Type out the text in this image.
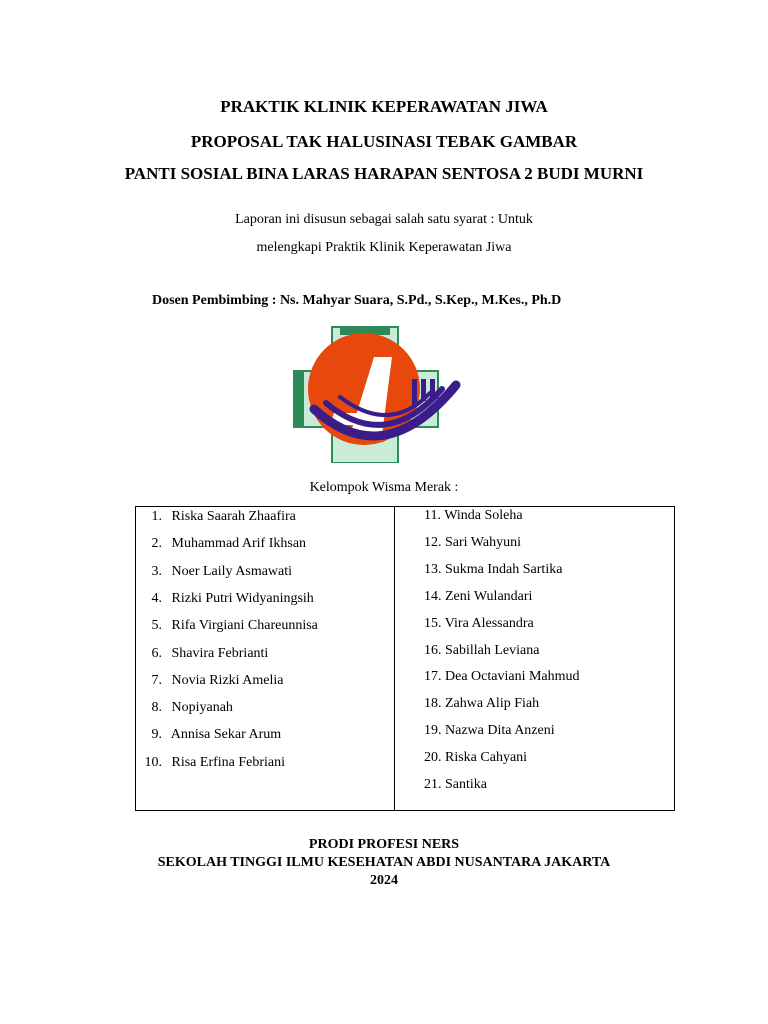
PRAKTIK KLINIK KEPERAWATAN JIWA
PROPOSAL TAK HALUSINASI TEBAK GAMBAR
PANTI SOSIAL BINA LARAS HARAPAN SENTOSA 2 BUDI MURNI
Laporan ini disusun sebagai salah satu syarat : Untuk
melengkapi Praktik Klinik Keperawatan Jiwa
Dosen Pembimbing : Ns. Mahyar Suara, S.Pd., S.Kep., M.Kes., Ph.D
Kelompok Wisma Merak :
1. Riska Saarah Zhaafira
2. Muhammad Arif Ikhsan
3. Noer Laily Asmawati
4. Rizki Putri Widyaningsih
5. Rifa Virgiani Chareunnisa
6. Shavira Febrianti
7. Novia Rizki Amelia
8. Nopiyanah
9. Annisa Sekar Arum
10. Risa Erfina Febriani
11. Winda Soleha
12. Sari Wahyuni
13. Sukma Indah Sartika
14. Zeni Wulandari
15. Vira Alessandra
16. Sabillah Leviana
17. Dea Octaviani Mahmud
18. Zahwa Alip Fiah
19. Nazwa Dita Anzeni
20. Riska Cahyani
21. Santika
PRODI PROFESI NERS
SEKOLAH TINGGI ILMU KESEHATAN ABDI NUSANTARA JAKARTA
2024
